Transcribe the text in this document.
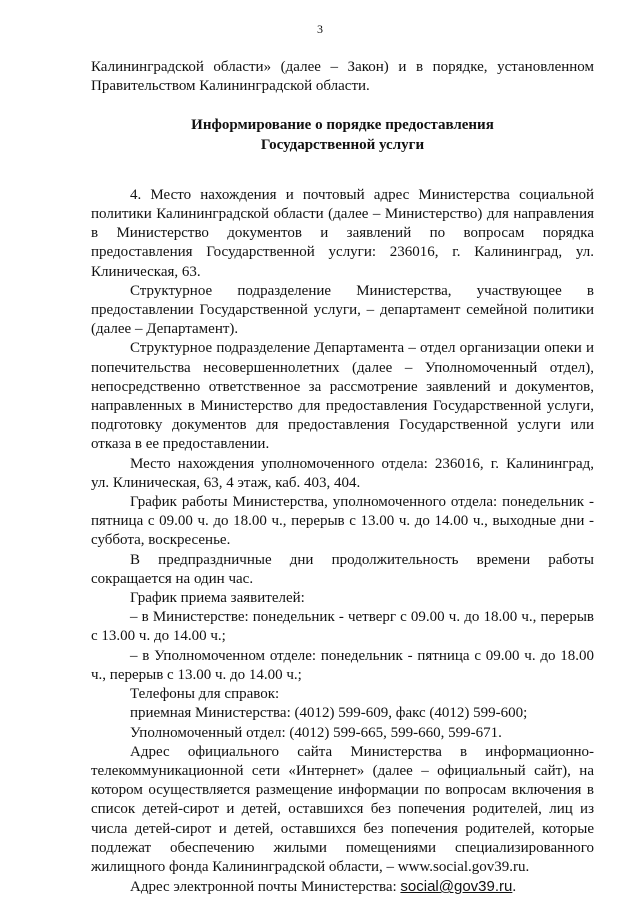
3

Калининградской области» (далее – Закон) и в порядке, установленном Правительством Калининградской области.

Информирование о порядке предоставления

Государственной услуги

4. Место нахождения и почтовый адрес Министерства социальной политики Калининградской области (далее – Министерство) для направления в Министерство документов и заявлений по вопросам порядка предоставления Государственной услуги: 236016, г. Калининград, ул. Клиническая, 63.

Структурное подразделение Министерства, участвующее в предоставлении Государственной услуги, – департамент семейной политики (далее – Департамент).

Структурное подразделение Департамента – отдел организации опеки и попечительства несовершеннолетних (далее – Уполномоченный отдел), непосредственно ответственное за рассмотрение заявлений и документов, направленных в Министерство для предоставления Государственной услуги, подготовку документов для предоставления Государственной услуги или отказа в ее предоставлении.

Место нахождения уполномоченного отдела: 236016, г. Калининград, ул. Клиническая, 63, 4 этаж, каб. 403, 404.

График работы Министерства, уполномоченного отдела: понедельник - пятница с 09.00 ч. до 18.00 ч., перерыв с 13.00 ч. до 14.00 ч., выходные дни - суббота, воскресенье.

В предпраздничные дни продолжительность времени работы сокращается на один час.

График приема заявителей:

– в Министерстве: понедельник - четверг с 09.00 ч. до 18.00 ч., перерыв с 13.00 ч. до 14.00 ч.;

– в Уполномоченном отделе: понедельник - пятница с 09.00 ч. до 18.00 ч., перерыв с 13.00 ч. до 14.00 ч.;

Телефоны для справок:

приемная Министерства: (4012) 599-609, факс (4012) 599-600;

Уполномоченный отдел: (4012) 599-665, 599-660, 599-671.

Адрес официального сайта Министерства в информационно-телекоммуникационной сети «Интернет» (далее – официальный сайт), на котором осуществляется размещение информации по вопросам включения в список детей-сирот и детей, оставшихся без попечения родителей, лиц из числа детей-сирот и детей, оставшихся без попечения родителей, которые подлежат обеспечению жилыми помещениями специализированного жилищного фонда Калининградской области, – www.social.gov39.ru.

Адрес электронной почты Министерства: social@gov39.ru.
